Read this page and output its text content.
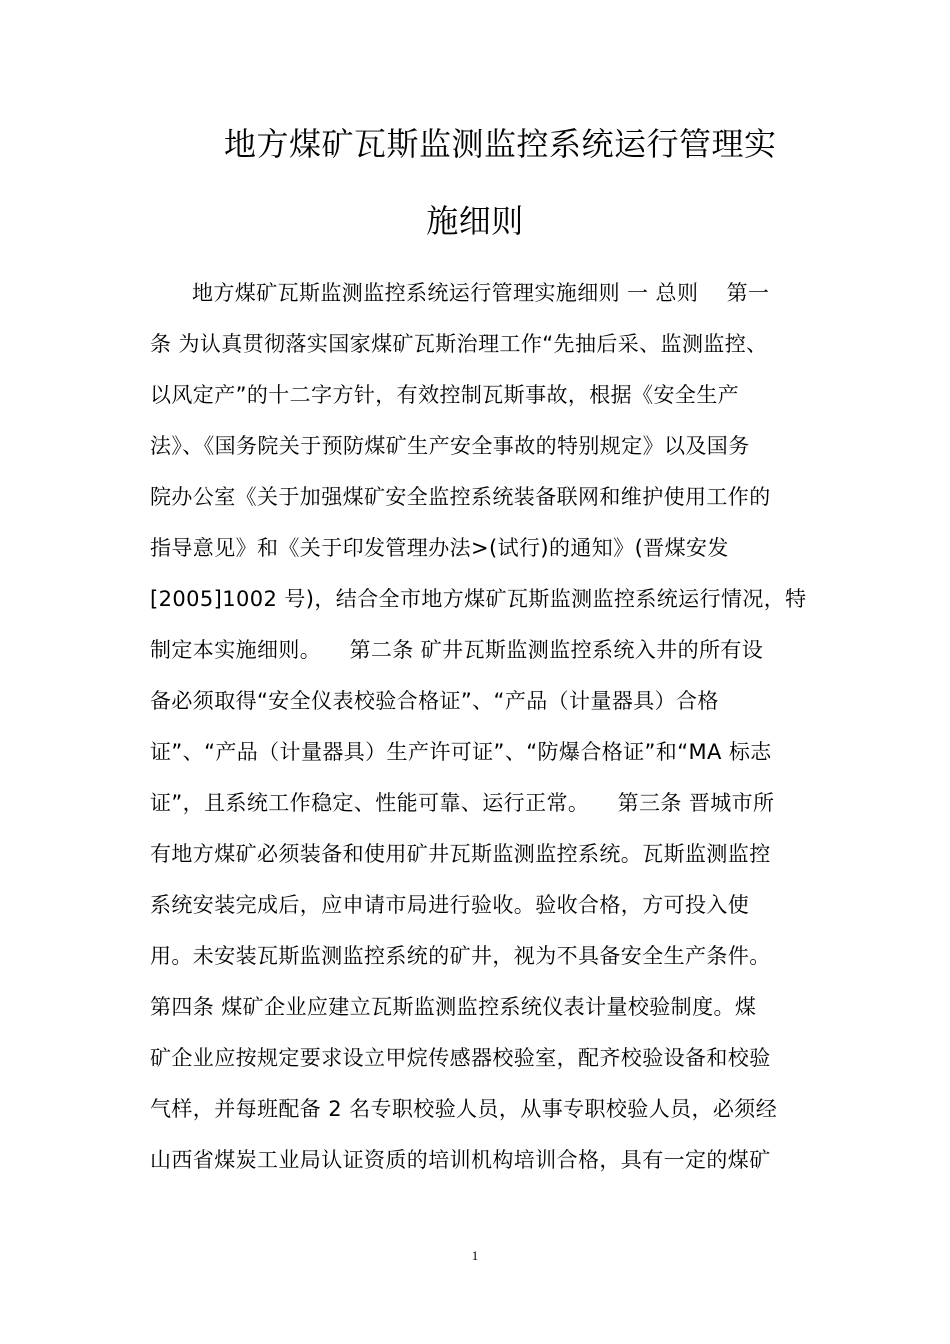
地方煤矿瓦斯监测监控系统运行管理实
施细则
地方煤矿瓦斯监测监控系统运行管理实施细则 一 总则    第一
条 为认真贯彻落实国家煤矿瓦斯治理工作“先抽后采、监测监控、
以风定产”的十二字方针，有效控制瓦斯事故，根据《安全生产
法》、《国务院关于预防煤矿生产安全事故的特别规定》以及国务
院办公室《关于加强煤矿安全监控系统装备联网和维护使用工作的
指导意见》和《关于印发管理办法>(试行)的通知》(晋煤安发
[2005]1002 号)，结合全市地方煤矿瓦斯监测监控系统运行情况，特
制定本实施细则。    第二条 矿井瓦斯监测监控系统入井的所有设
备必须取得“安全仪表校验合格证”、“产品（计量器具）合格
证”、“产品（计量器具）生产许可证”、“防爆合格证”和“MA 标志
证”，且系统工作稳定、性能可靠、运行正常。    第三条 晋城市所
有地方煤矿必须装备和使用矿井瓦斯监测监控系统。瓦斯监测监控
系统安装完成后，应申请市局进行验收。验收合格，方可投入使
用。未安装瓦斯监测监控系统的矿井，视为不具备安全生产条件。
第四条 煤矿企业应建立瓦斯监测监控系统仪表计量校验制度。煤
矿企业应按规定要求设立甲烷传感器校验室，配齐校验设备和校验
气样，并每班配备 2 名专职校验人员，从事专职校验人员，必须经
山西省煤炭工业局认证资质的培训机构培训合格，具有一定的煤矿
1
